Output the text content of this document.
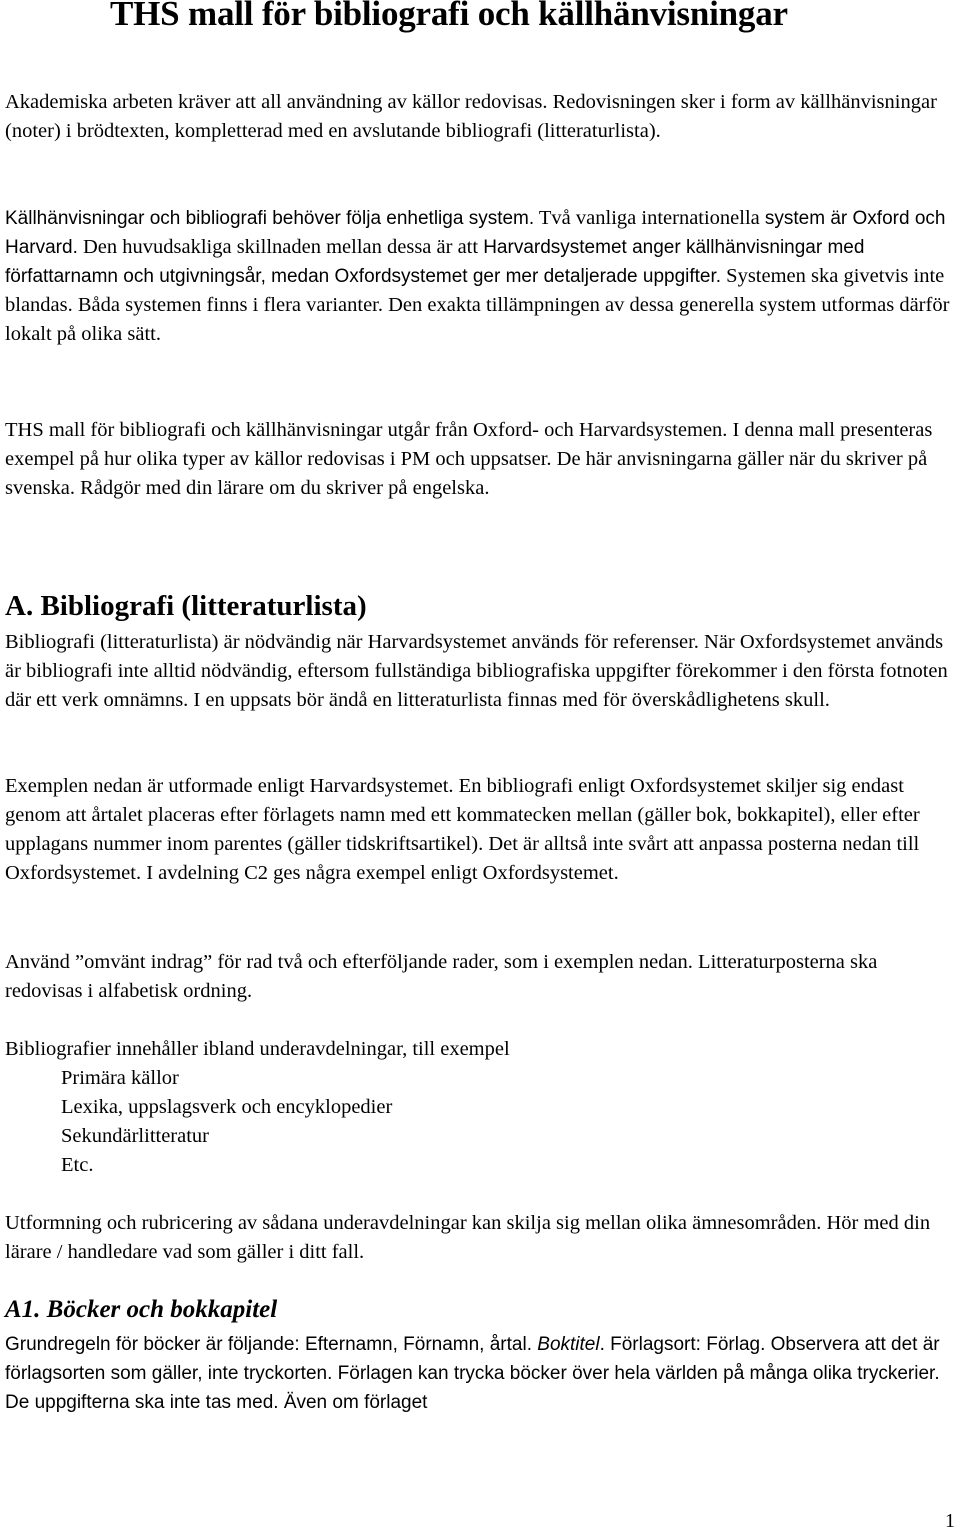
THS mall för bibliografi och källhänvisningar

Akademiska arbeten kräver att all användning av källor redovisas. Redovisningen sker i form av källhänvisningar (noter) i brödtexten, kompletterad med en avslutande bibliografi (litteraturlista).

Källhänvisningar och bibliografi behöver följa enhetliga system. Två vanliga internationella system är Oxford och Harvard. Den huvudsakliga skillnaden mellan dessa är att Harvardsystemet anger källhänvisningar med författarnamn och utgivningsår, medan Oxfordsystemet ger mer detaljerade uppgifter. Systemen ska givetvis inte blandas. Båda systemen finns i flera varianter. Den exakta tillämpningen av dessa generella system utformas därför lokalt på olika sätt.

THS mall för bibliografi och källhänvisningar utgår från Oxford- och Harvardsystemen. I denna mall presenteras exempel på hur olika typer av källor redovisas i PM och uppsatser. De här anvisningarna gäller när du skriver på svenska. Rådgör med din lärare om du skriver på engelska.

A. Bibliografi (litteraturlista)

Bibliografi (litteraturlista) är nödvändig när Harvardsystemet används för referenser. När Oxfordsystemet används är bibliografi inte alltid nödvändig, eftersom fullständiga bibliografiska uppgifter förekommer i den första fotnoten där ett verk omnämns. I en uppsats bör ändå en litteraturlista finnas med för överskådlighetens skull.

Exemplen nedan är utformade enligt Harvardsystemet. En bibliografi enligt Oxfordsystemet skiljer sig endast genom att årtalet placeras efter förlagets namn med ett kommatecken mellan (gäller bok, bokkapitel), eller efter upplagans nummer inom parentes (gäller tidskriftsartikel). Det är alltså inte svårt att anpassa posterna nedan till Oxfordsystemet. I avdelning C2 ges några exempel enligt Oxfordsystemet.

Använd ”omvänt indrag” för rad två och efterföljande rader, som i exemplen nedan. Litteraturposterna ska redovisas i alfabetisk ordning.

Bibliografier innehåller ibland underavdelningar, till exempel

Primära källor
Lexika, uppslagsverk och encyklopedier
Sekundärlitteratur
Etc.

Utformning och rubricering av sådana underavdelningar kan skilja sig mellan olika ämnesområden. Hör med din lärare / handledare vad som gäller i ditt fall.

A1. Böcker och bokkapitel

Grundregeln för böcker är följande: Efternamn, Förnamn, årtal. Boktitel. Förlagsort: Förlag. Observera att det är förlagsorten som gäller, inte tryckorten. Förlagen kan trycka böcker över hela världen på många olika tryckerier. De uppgifterna ska inte tas med. Även om förlaget

1
